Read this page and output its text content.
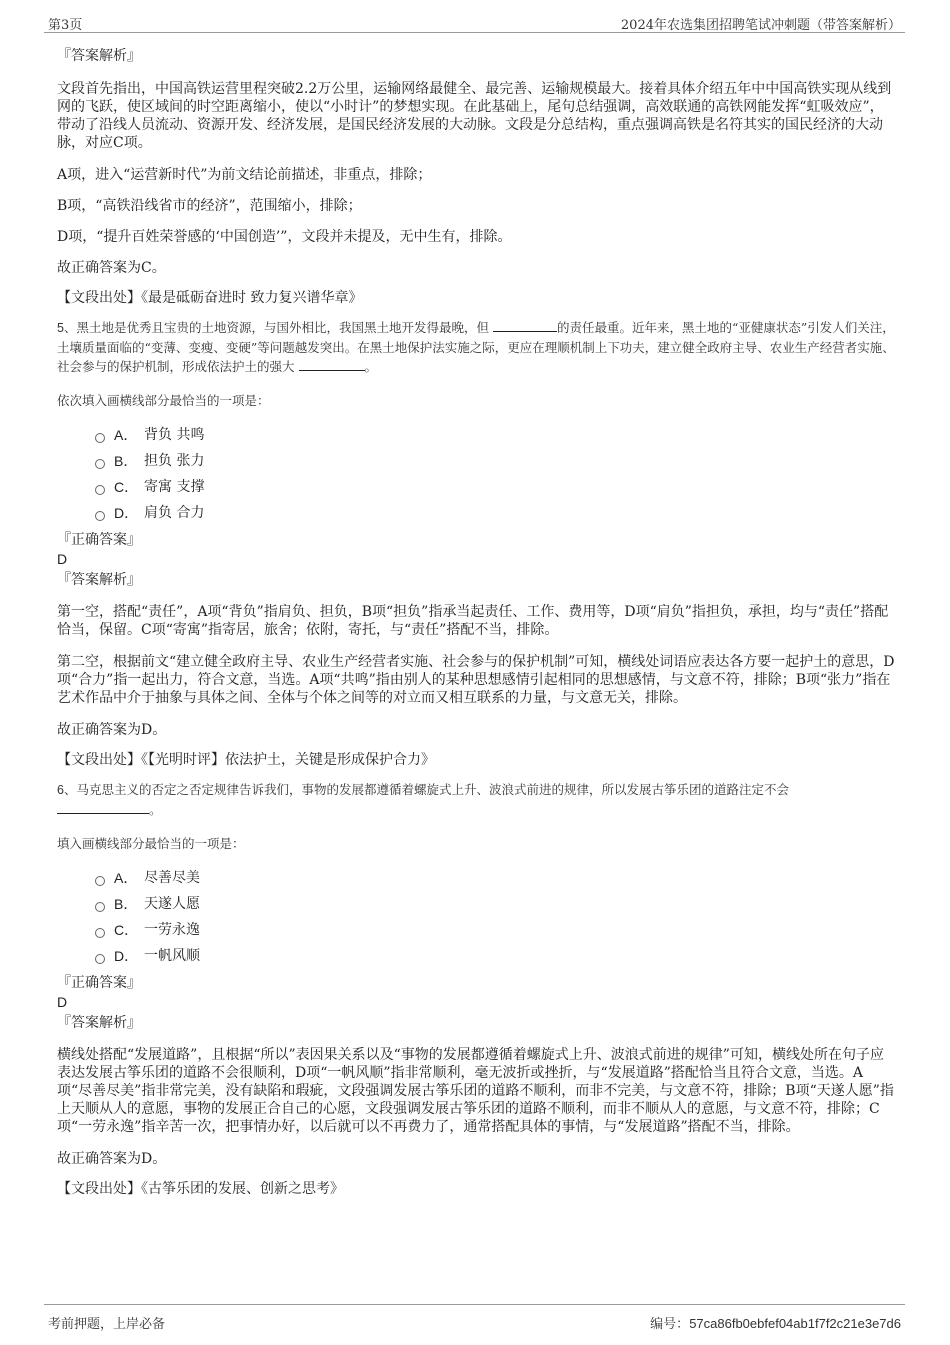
第3页	2024年农选集团招聘笔试冲刺题（带答案解析）

『答案解析』

文段首先指出，中国高铁运营里程突破2.2万公里，运输网络最健全、最完善、运输规模最大。接着具体介绍五年中中国高铁实现从线到网的飞跃，使区域间的时空距离缩小，使以“小时计”的梦想实现。在此基础上，尾句总结强调，高效联通的高铁网能发挥“虹吸效应”，带动了沿线人员流动、资源开发、经济发展，是国民经济发展的大动脉。文段是分总结构，重点强调高铁是名符其实的国民经济的大动脉，对应C项。

A项，进入“运营新时代”为前文结论前描述，非重点，排除；

B项，“高铁沿线省市的经济”，范围缩小，排除；

D项，“提升百姓荣誉感的‘中国创造’”，文段并未提及，无中生有，排除。

故正确答案为C。

【文段出处】《最是砥砺奋进时 致力复兴谱华章》

5、黑土地是优秀且宝贵的土地资源，与国外相比，我国黑土地开发得最晚，但	的责任最重。近年来，黑土地的“亚健康状态”引发人们关注，土壤质量面临的“变薄、变瘦、变硬”等问题越发突出。在黑土地保护法实施之际，更应在理顺机制上下功夫，建立健全政府主导、农业生产经营者实施、社会参与的保护机制，形成依法护土的强大	。

依次填入画横线部分最恰当的一项是：

A． 背负 共鸣
B． 担负 张力
C． 寄寓 支撑
D． 肩负 合力

『正确答案』

D

『答案解析』

第一空，搭配“责任”，A项“背负”指肩负、担负，B项“担负”指承当起责任、工作、费用等，D项“肩负”指担负，承担，均与“责任”搭配恰当，保留。C项“寄寓”指寄居，旅舍；依附，寄托，与“责任”搭配不当，排除。

第二空，根据前文“建立健全政府主导、农业生产经营者实施、社会参与的保护机制”可知，横线处词语应表达各方要一起护土的意思，D项“合力”指一起出力，符合文意，当选。A项“共鸣”指由别人的某种思想感情引起相同的思想感情，与文意不符，排除；B项“张力”指在艺术作品中介于抽象与具体之间、全体与个体之间等的对立而又相互联系的力量，与文意无关，排除。

故正确答案为D。

【文段出处】《【光明时评】依法护土，关键是形成保护合力》

6、马克思主义的否定之否定规律告诉我们，事物的发展都遵循着螺旋式上升、波浪式前进的规律，所以发展古筝乐团的道路注定不会
。

填入画横线部分最恰当的一项是：

A． 尽善尽美
B． 天遂人愿
C． 一劳永逸
D． 一帆风顺

『正确答案』

D

『答案解析』

横线处搭配“发展道路”，且根据“所以”表因果关系以及“事物的发展都遵循着螺旋式上升、波浪式前进的规律”可知，横线处所在句子应表达发展古筝乐团的道路不会很顺利，D项“一帆风顺”指非常顺利，毫无波折或挫折，与“发展道路”搭配恰当且符合文意，当选。A项“尽善尽美”指非常完美，没有缺陷和瑕疵，文段强调发展古筝乐团的道路不顺利，而非不完美，与文意不符，排除；B项“天遂人愿”指上天顺从人的意愿，事物的发展正合自己的心愿，文段强调发展古筝乐团的道路不顺利，而非不顺从人的意愿，与文意不符，排除；C项“一劳永逸”指辛苦一次，把事情办好，以后就可以不再费力了，通常搭配具体的事情，与“发展道路”搭配不当，排除。

故正确答案为D。

【文段出处】《古筝乐团的发展、创新之思考》

考前押题，上岸必备	编号：57ca86fb0ebfef04ab1f7f2c21e3e7d6
